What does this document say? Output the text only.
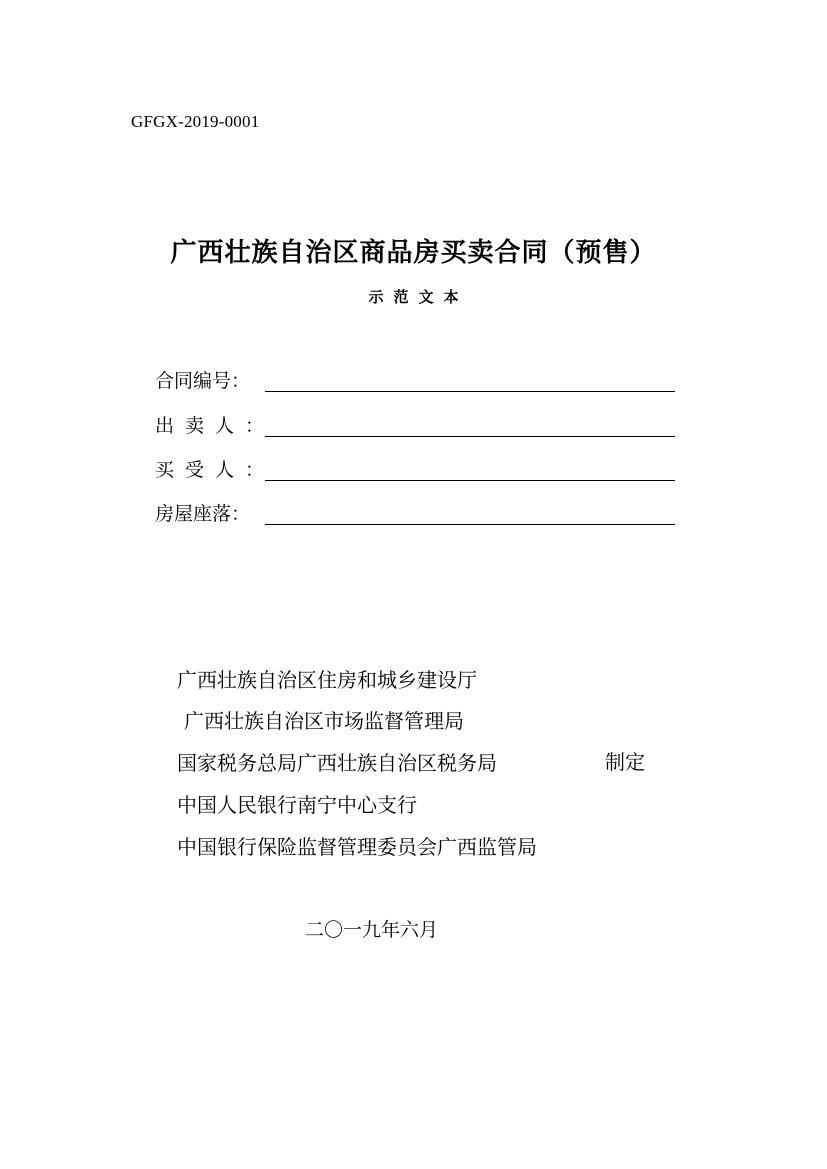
GFGX-2019-0001
广西壮族自治区商品房买卖合同（预售）
示范文本
合同编号：
出卖人：
买受人：
房屋座落：
广西壮族自治区住房和城乡建设厅
广西壮族自治区市场监督管理局
国家税务总局广西壮族自治区税务局
中国人民银行南宁中心支行
中国银行保险监督管理委员会广西监管局
制定
二〇一九年六月
